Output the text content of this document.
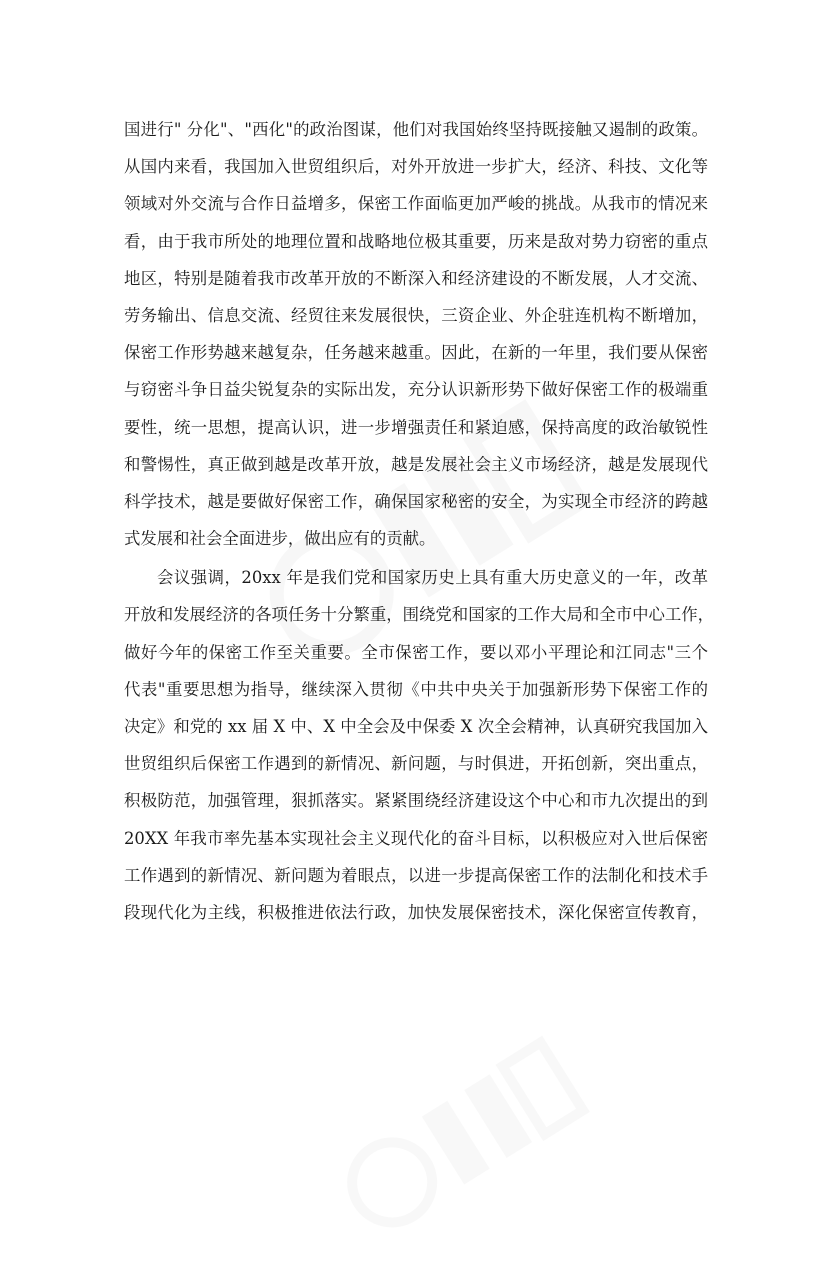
国进行" 分化"、"西化"的政治图谋，他们对我国始终坚持既接触又遏制的政策。
从国内来看，我国加入世贸组织后，对外开放进一步扩大，经济、科技、文化等
领域对外交流与合作日益增多，保密工作面临更加严峻的挑战。从我市的情况来
看，由于我市所处的地理位置和战略地位极其重要，历来是敌对势力窃密的重点
地区，特别是随着我市改革开放的不断深入和经济建设的不断发展，人才交流、
劳务输出、信息交流、经贸往来发展很快，三资企业、外企驻连机构不断增加，
保密工作形势越来越复杂，任务越来越重。因此，在新的一年里，我们要从保密
与窃密斗争日益尖锐复杂的实际出发，充分认识新形势下做好保密工作的极端重
要性，统一思想，提高认识，进一步增强责任和紧迫感，保持高度的政治敏锐性
和警惕性，真正做到越是改革开放，越是发展社会主义市场经济，越是发展现代
科学技术，越是要做好保密工作，确保国家秘密的安全，为实现全市经济的跨越
式发展和社会全面进步，做出应有的贡献。
会议强调，20xx 年是我们党和国家历史上具有重大历史意义的一年，改革
开放和发展经济的各项任务十分繁重，围绕党和国家的工作大局和全市中心工作，
做好今年的保密工作至关重要。全市保密工作，要以邓小平理论和江同志"三个
代表"重要思想为指导，继续深入贯彻《中共中央关于加强新形势下保密工作的
决定》和党的 xx 届 X 中、X 中全会及中保委 X 次全会精神，认真研究我国加入
世贸组织后保密工作遇到的新情况、新问题，与时俱进，开拓创新，突出重点，
积极防范，加强管理，狠抓落实。紧紧围绕经济建设这个中心和市九次提出的到
20XX 年我市率先基本实现社会主义现代化的奋斗目标，以积极应对入世后保密
工作遇到的新情况、新问题为着眼点，以进一步提高保密工作的法制化和技术手
段现代化为主线，积极推进依法行政，加快发展保密技术，深化保密宣传教育，
